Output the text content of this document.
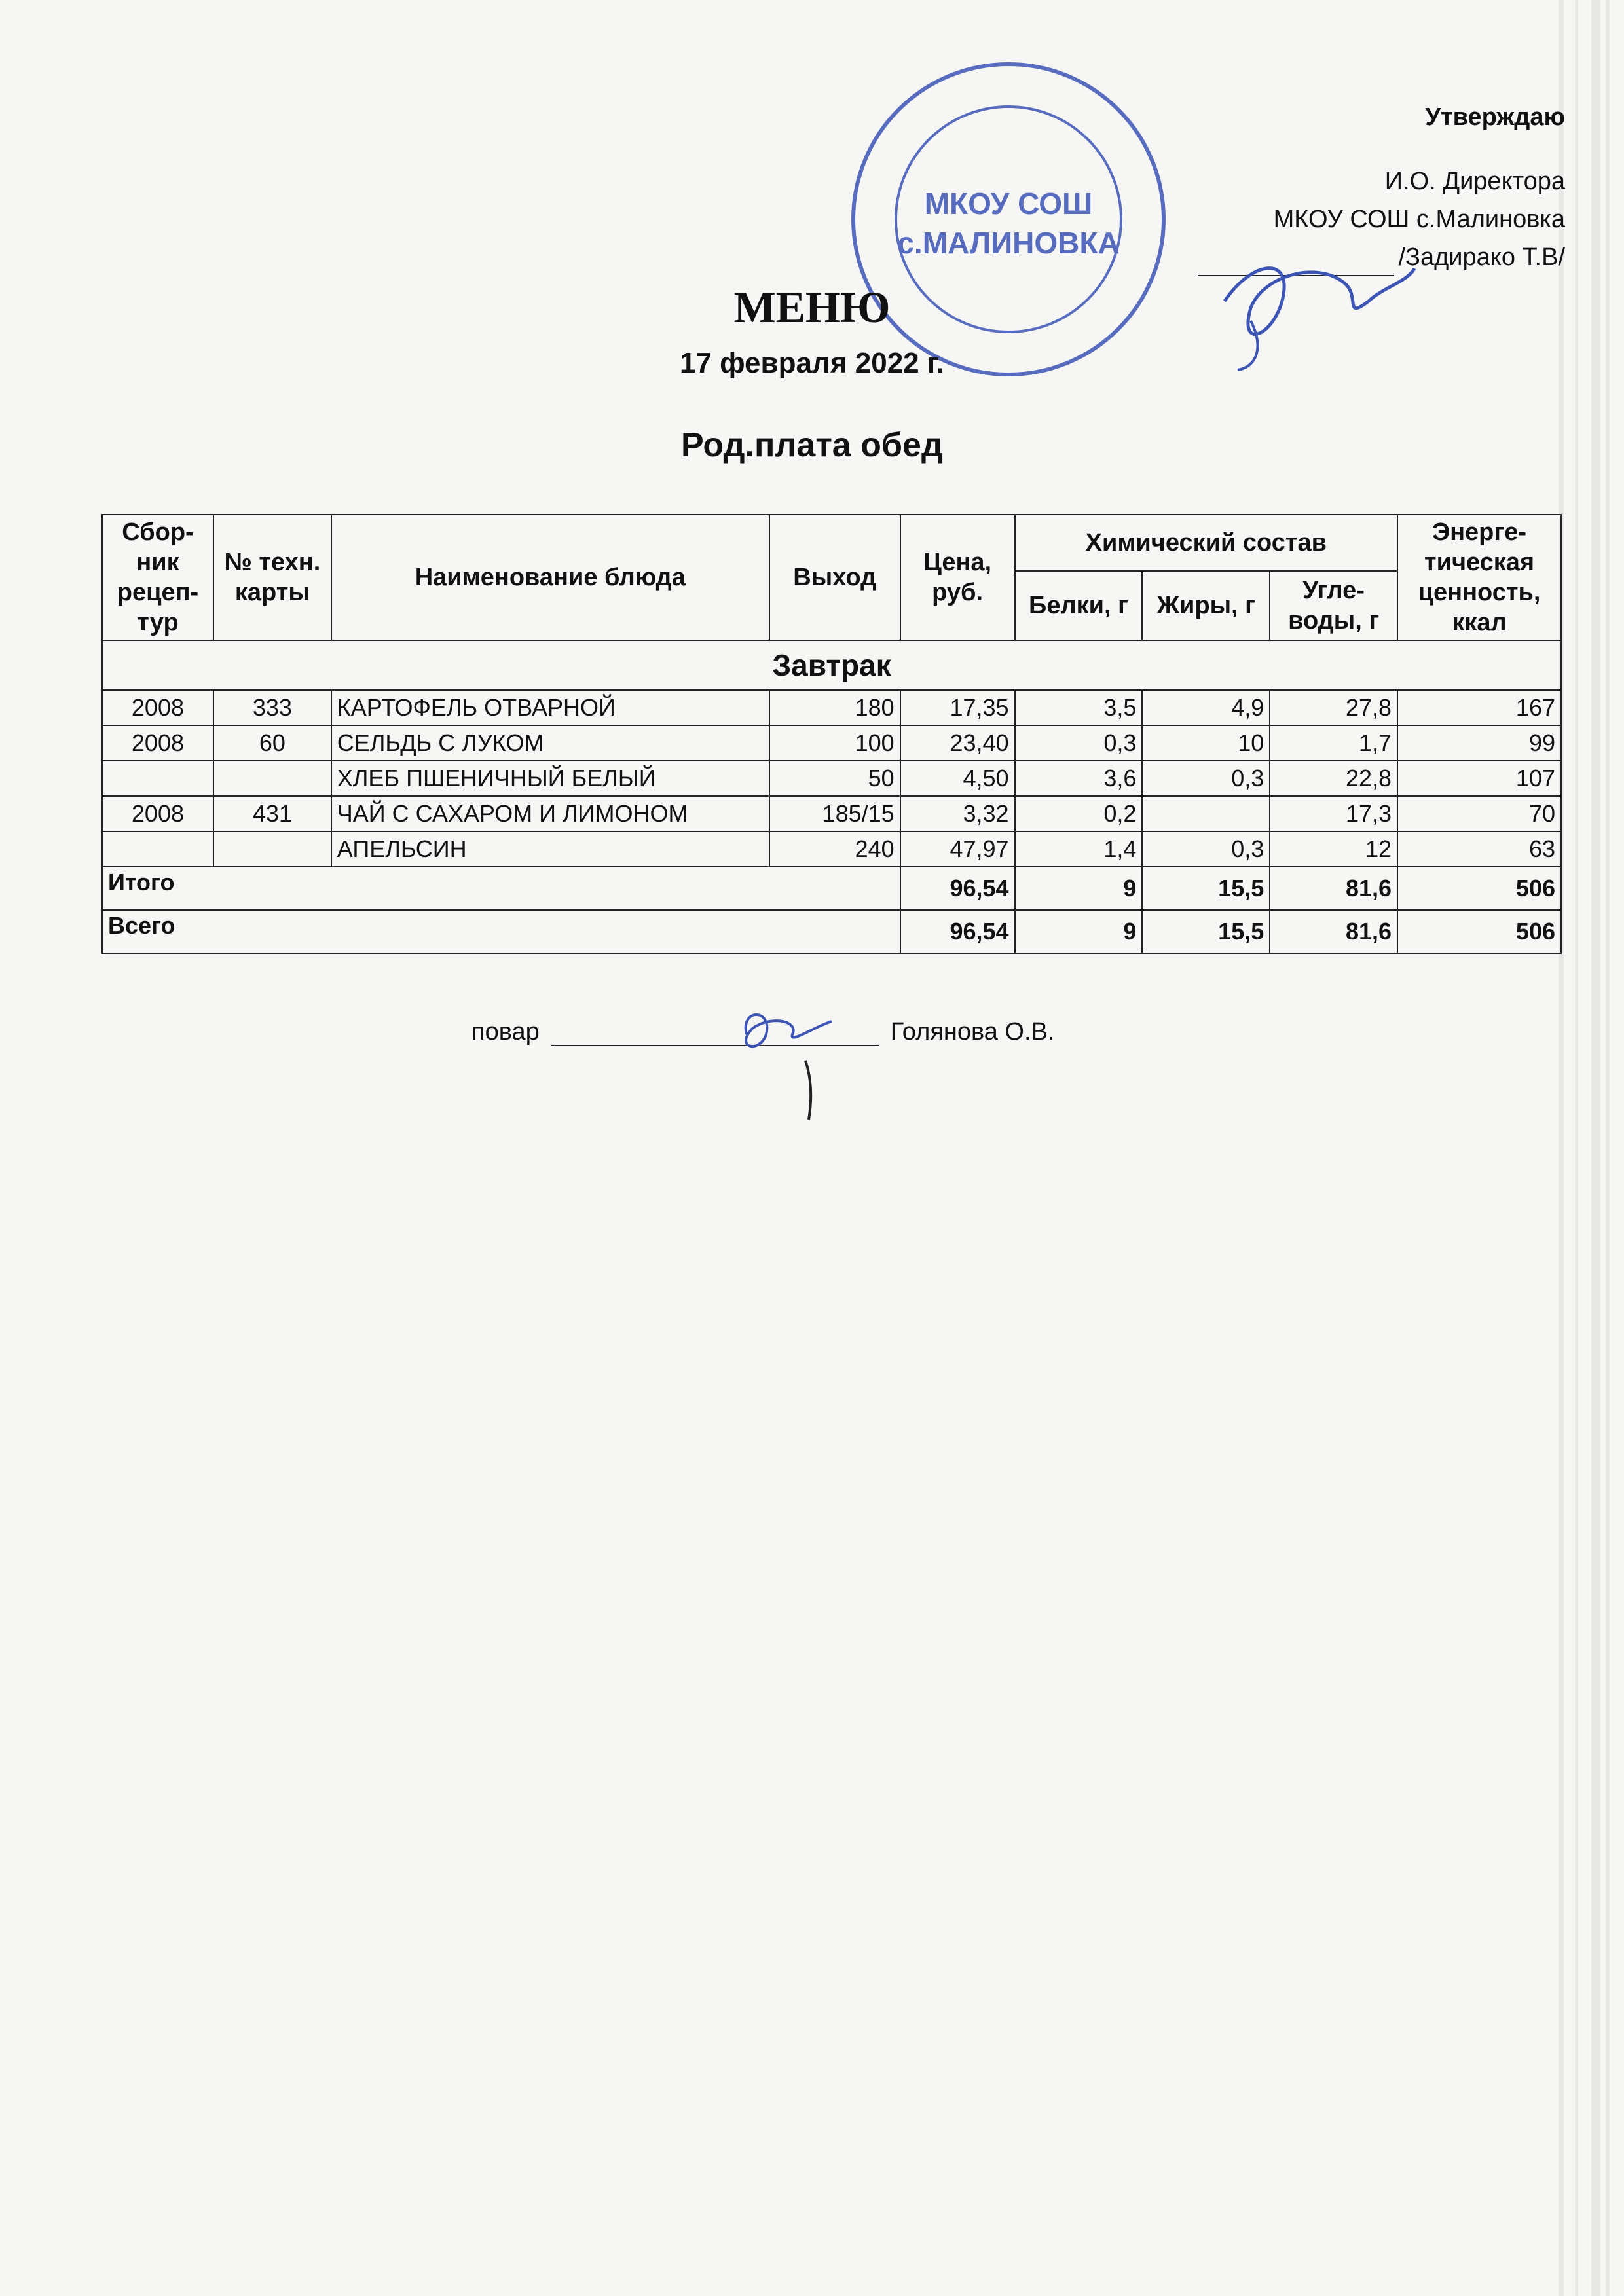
Утверждаю
И.О. Директора
МКОУ СОШ с.Малиновка
/Задирако Т.В/
МКОУ СОШ
с.МАЛИНОВКА
МЕНЮ
17 февраля 2022 г.
Род.плата обед
Сбор-ник рецеп-тур	№ техн. карты	Наименование блюда	Выход	Цена, руб.	Химический состав			Энерге-тическая ценность, ккал
					Белки, г	Жиры, г	Угле-воды, г	
Завтрак								
2008	333	КАРТОФЕЛЬ ОТВАРНОЙ	180	17,35	3,5	4,9	27,8	167
2008	60	СЕЛЬДЬ С ЛУКОМ	100	23,40	0,3	10	1,7	99
		ХЛЕБ ПШЕНИЧНЫЙ БЕЛЫЙ	50	4,50	3,6	0,3	22,8	107
2008	431	ЧАЙ С САХАРОМ И ЛИМОНОМ	185/15	3,32	0,2		17,3	70
		АПЕЛЬСИН	240	47,97	1,4	0,3	12	63
Итого				96,54	9	15,5	81,6	506
Всего				96,54	9	15,5	81,6	506
повар	Голянова О.В.
